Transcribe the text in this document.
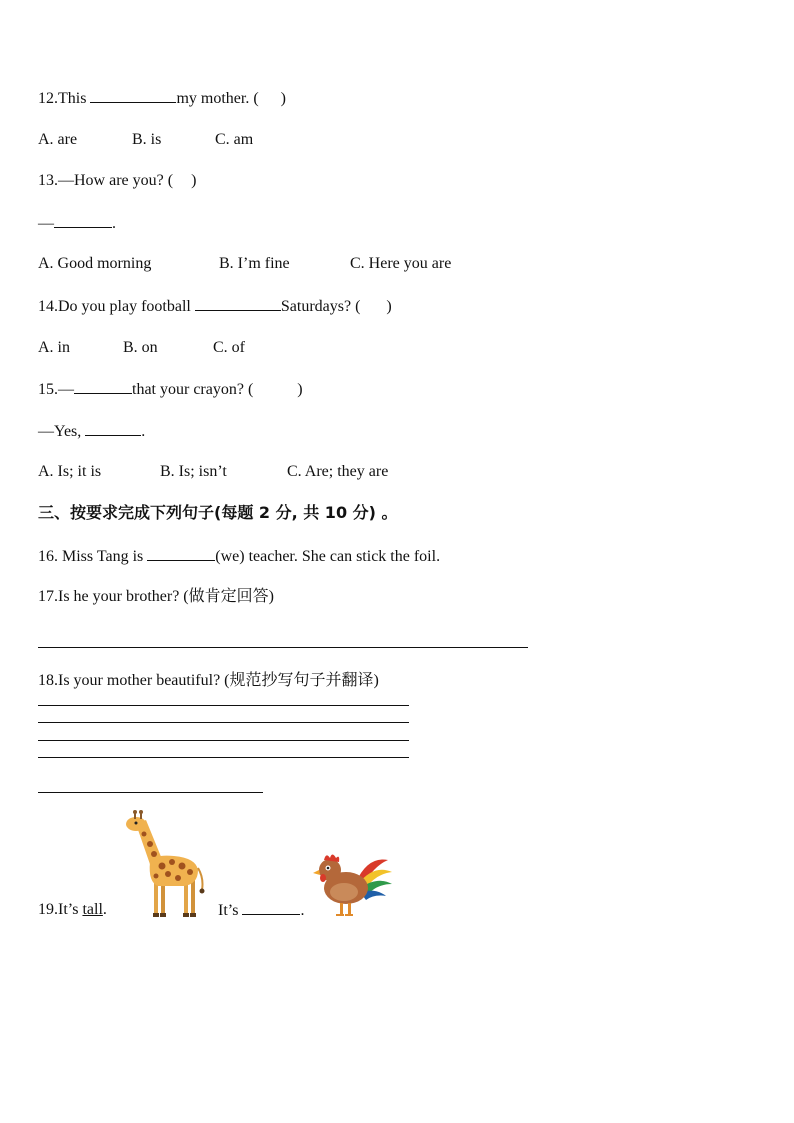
12.This	my mother. ( )
A. are	B. is	C. am
13.—How are you? ( )
—	.
A. Good morning	B. I’m fine	C. Here you are
14.Do you play football	Saturdays? ( )
A. in	B. on	C. of
15.—	that your crayon? (	)
—Yes,	.
A. Is; it is	B. Is; isn’t	C. Are; they are
三、按要求完成下列句子(每题 2 分, 共 10 分) 。
16. Miss Tang is	(we) teacher. She can stick the foil.
17.Is he your brother? (做肯定回答)
18.Is your mother beautiful? (规范抄写句子并翻译)
19.It’s tall.	It’s	.
